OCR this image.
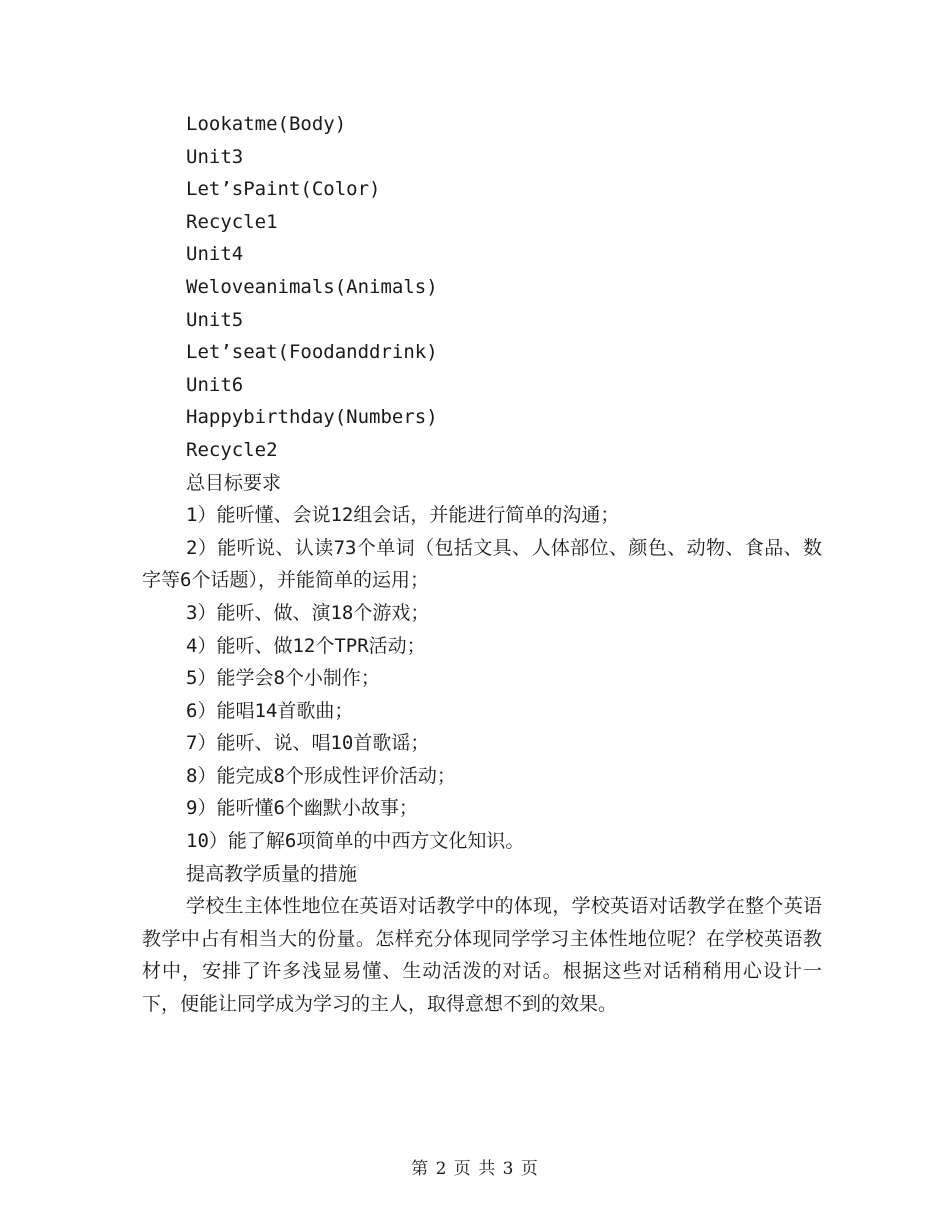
Lookatme(Body)

Unit3

Let’sPaint(Color)

Recycle1

Unit4

Weloveanimals(Animals)

Unit5

Let’seat(Foodanddrink)

Unit6

Happybirthday(Numbers)

Recycle2

总目标要求

1）能听懂、会说12组会话，并能进行简单的沟通；

2）能听说、认读73个单词（包括文具、人体部位、颜色、动物、食品、数字等6个话题），并能简单的运用；

3）能听、做、演18个游戏；

4）能听、做12个TPR活动；

5）能学会8个小制作；

6）能唱14首歌曲；

7）能听、说、唱10首歌谣；

8）能完成8个形成性评价活动；

9）能听懂6个幽默小故事；

10）能了解6项简单的中西方文化知识。

提高教学质量的措施

学校生主体性地位在英语对话教学中的体现，学校英语对话教学在整个英语教学中占有相当大的份量。怎样充分体现同学学习主体性地位呢？在学校英语教材中，安排了许多浅显易懂、生动活泼的对话。根据这些对话稍稍用心设计一下，便能让同学成为学习的主人，取得意想不到的效果。

第 2 页 共 3 页
